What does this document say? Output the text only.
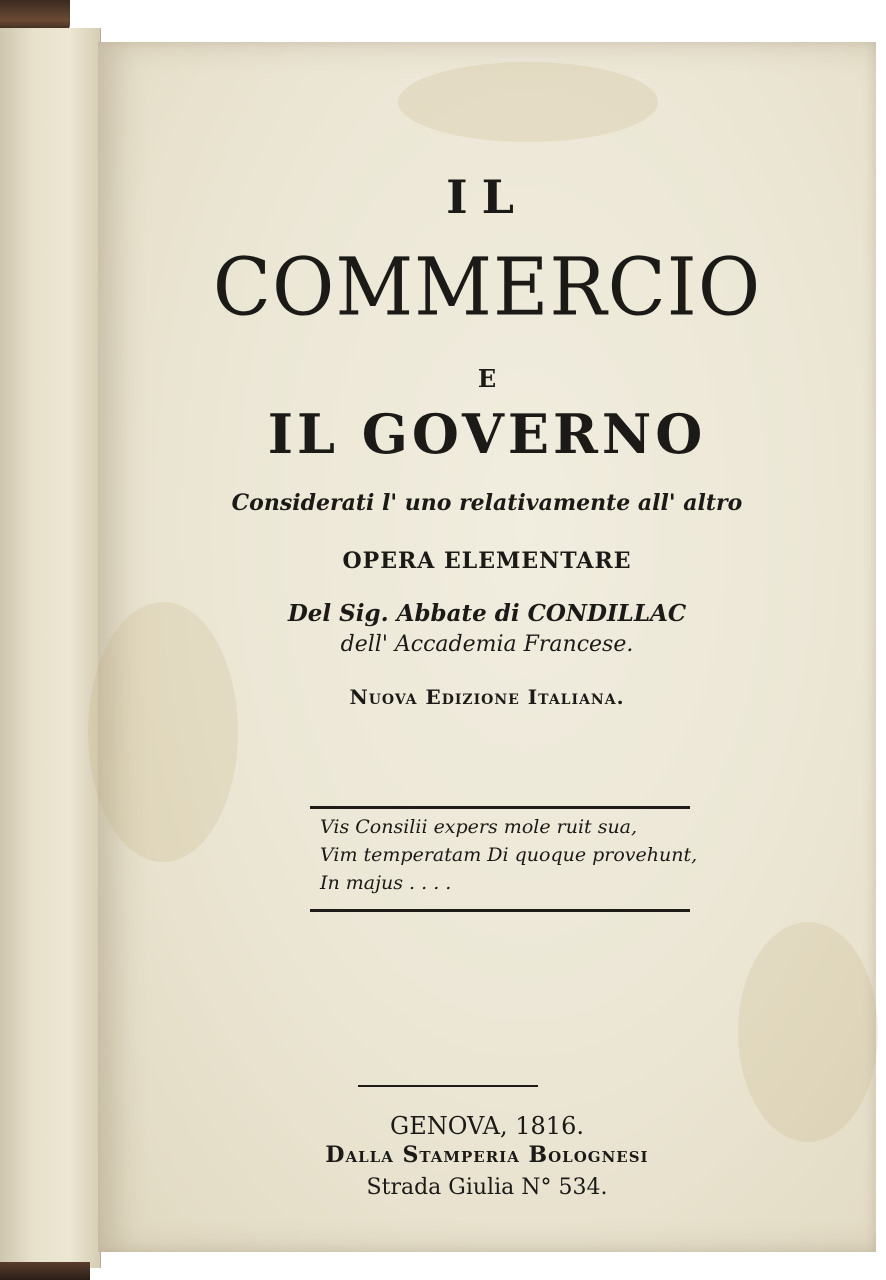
IL
COMMERCIO
E
IL GOVERNO
Considerati l' uno relativamente all' altro
OPERA ELEMENTARE
Del Sig. Abbate di CONDILLAC
dell' Accademia Francese.
Nuova Edizione Italiana.
Vis Consilii expers mole ruit sua,
Vim temperatam Di quoque provehunt,
In majus . . . .
GENOVA, 1816.
Dalla Stamperia Bolognesi
Strada Giulia N° 534.
